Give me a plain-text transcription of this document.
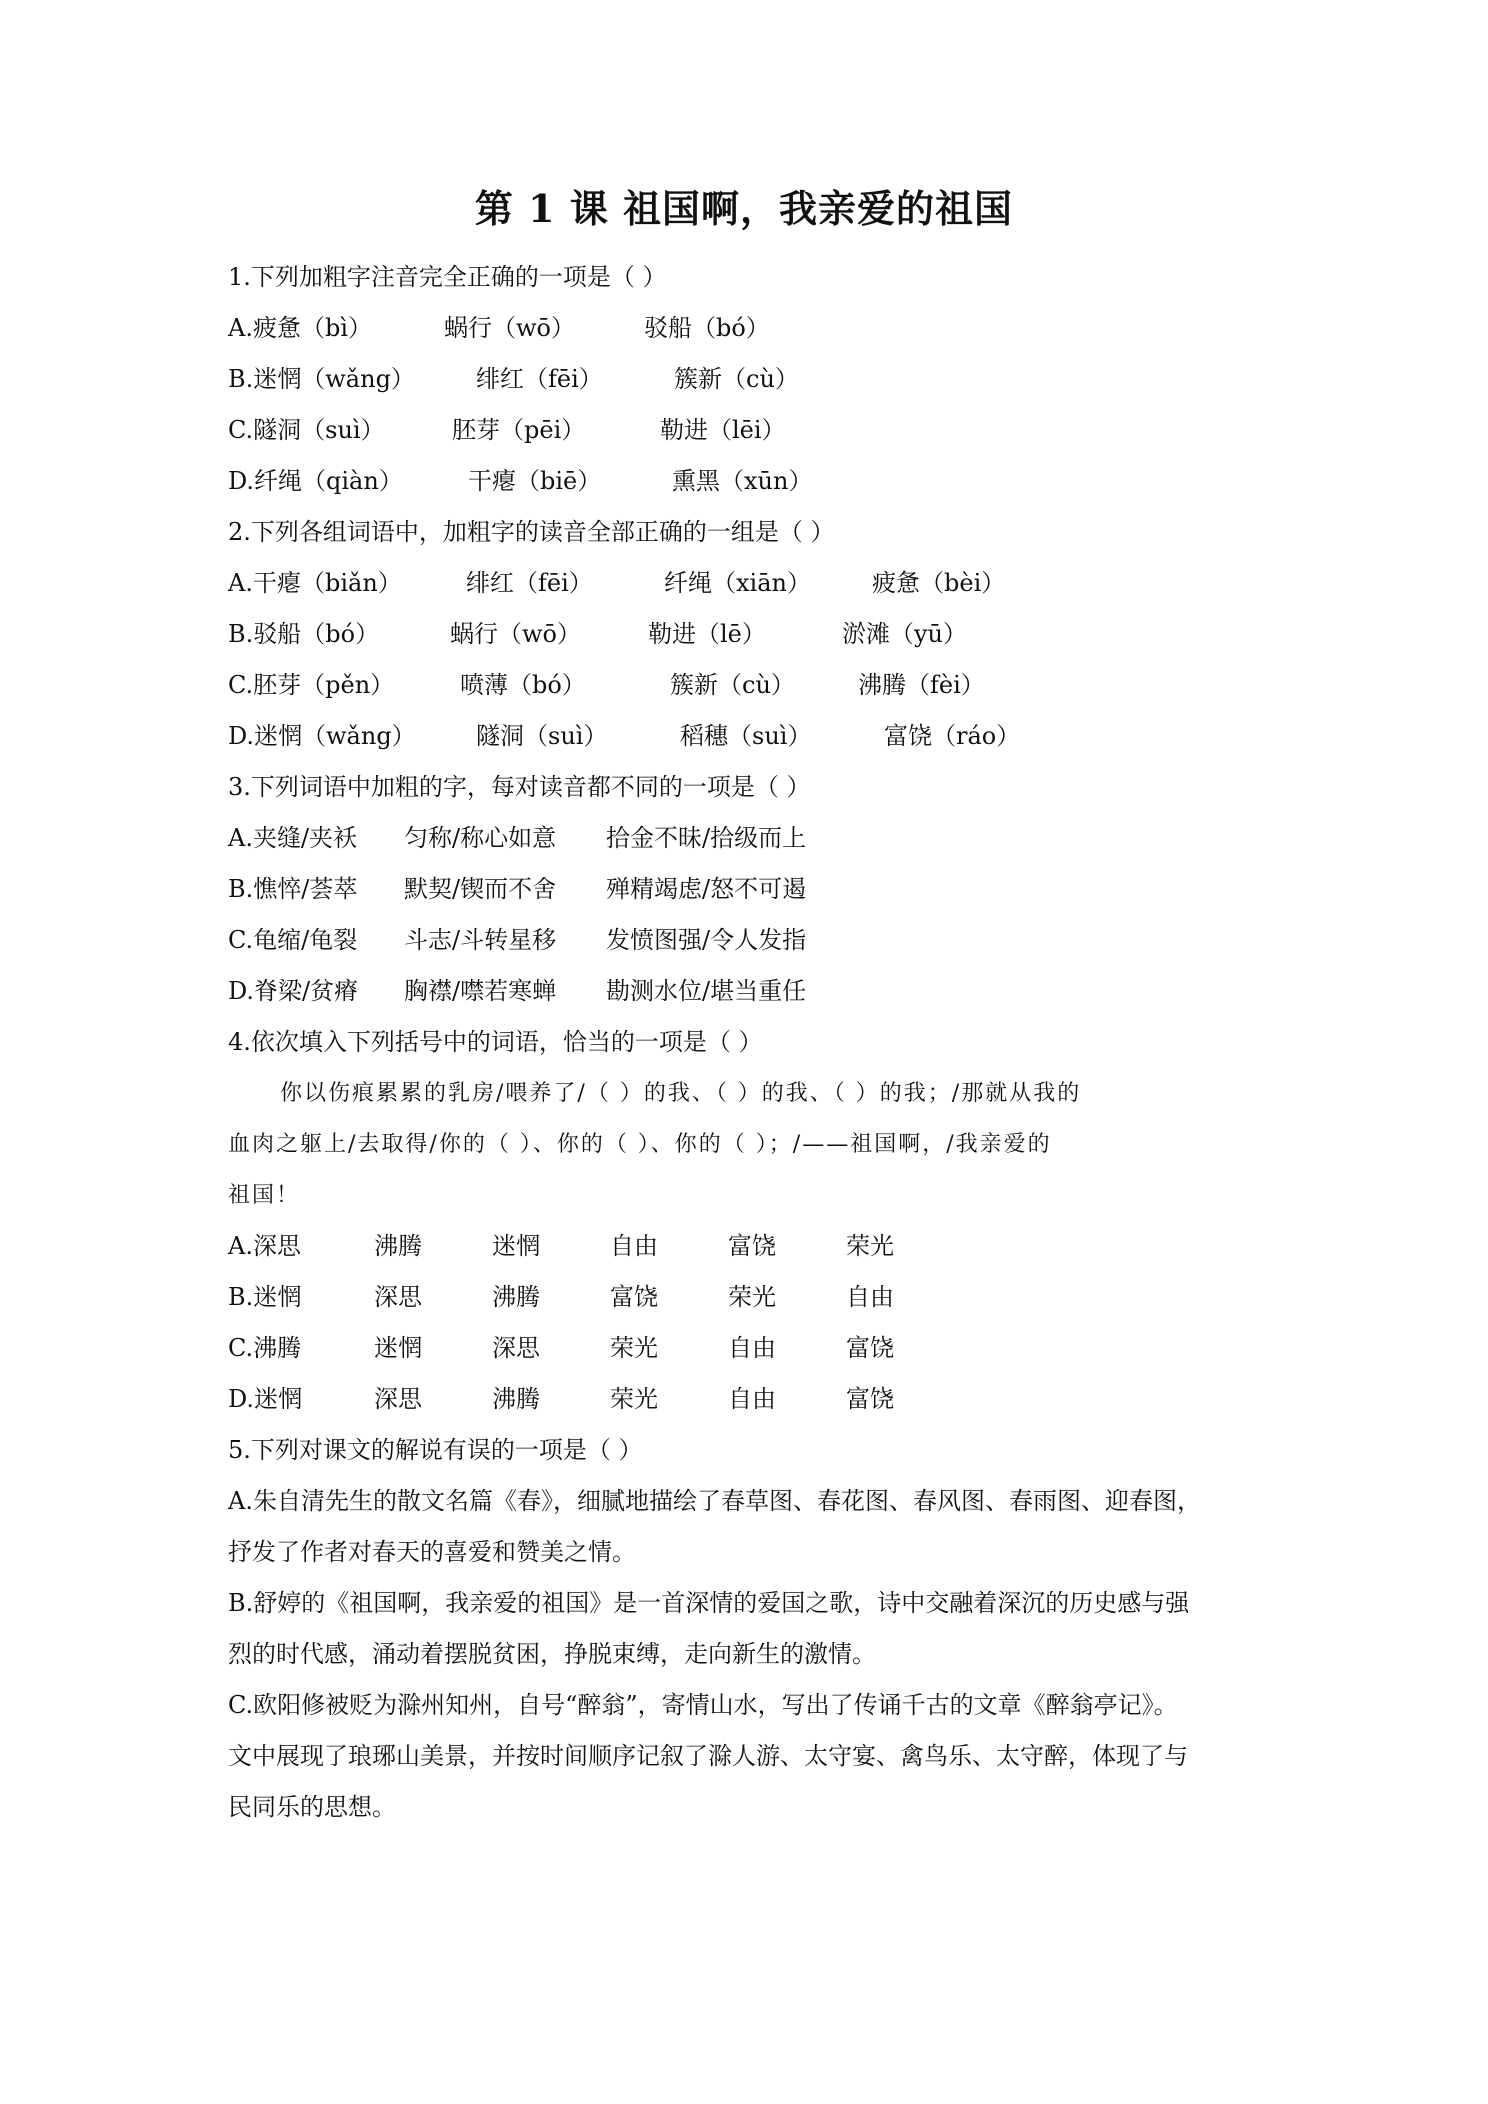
第 1 课 祖国啊，我亲爱的祖国
1.下列加粗字注音完全正确的一项是（ ）
A.疲惫（bì）	蜗行（wō）	驳船（bó）
B.迷惘（wǎng）	绯红（fēi）	簇新（cù）
C.隧洞（suì）	胚芽（pēi）	勒进（lēi）
D.纤绳（qiàn）	干瘪（biē）	熏黑（xūn）
2.下列各组词语中，加粗字的读音全部正确的一组是（ ）
A.干瘪（biǎn）	绯红（fēi）	纤绳（xiān）	疲惫（bèi）
B.驳船（bó）	蜗行（wō）	勒进（lē）	淤滩（yū）
C.胚芽（pěn）	喷薄（bó）	簇新（cù）	沸腾（fèi）
D.迷惘（wǎng）	隧洞（suì）	稻穗（suì）	富饶（ráo）
3.下列词语中加粗的字，每对读音都不同的一项是（ ）
A.夹缝/夹袄 匀称/称心如意 拾金不昧/拾级而上
B.憔悴/荟萃 默契/锲而不舍 殚精竭虑/怒不可遏
C.龟缩/龟裂 斗志/斗转星移 发愤图强/令人发指
D.脊梁/贫瘠 胸襟/噤若寒蝉 勘测水位/堪当重任
4.依次填入下列括号中的词语，恰当的一项是（ ）
你以伤痕累累的乳房/喂养了/（ ）的我、（ ）的我、（ ）的我；/那就从我的
血肉之躯上/去取得/你的（ ）、你的（ ）、你的（ ）；/——祖国啊，/我亲爱的
祖国！
A.深思	沸腾	迷惘	自由	富饶	荣光
B.迷惘	深思	沸腾	富饶	荣光	自由
C.沸腾	迷惘	深思	荣光	自由	富饶
D.迷惘	深思	沸腾	荣光	自由	富饶
5.下列对课文的解说有误的一项是（ ）
A.朱自清先生的散文名篇《春》，细腻地描绘了春草图、春花图、春风图、春雨图、迎春图，
抒发了作者对春天的喜爱和赞美之情。
B.舒婷的《祖国啊，我亲爱的祖国》是一首深情的爱国之歌，诗中交融着深沉的历史感与强
烈的时代感，涌动着摆脱贫困，挣脱束缚，走向新生的激情。
C.欧阳修被贬为滁州知州，自号“醉翁”，寄情山水，写出了传诵千古的文章《醉翁亭记》。
文中展现了琅琊山美景，并按时间顺序记叙了滁人游、太守宴、禽鸟乐、太守醉，体现了与
民同乐的思想。
